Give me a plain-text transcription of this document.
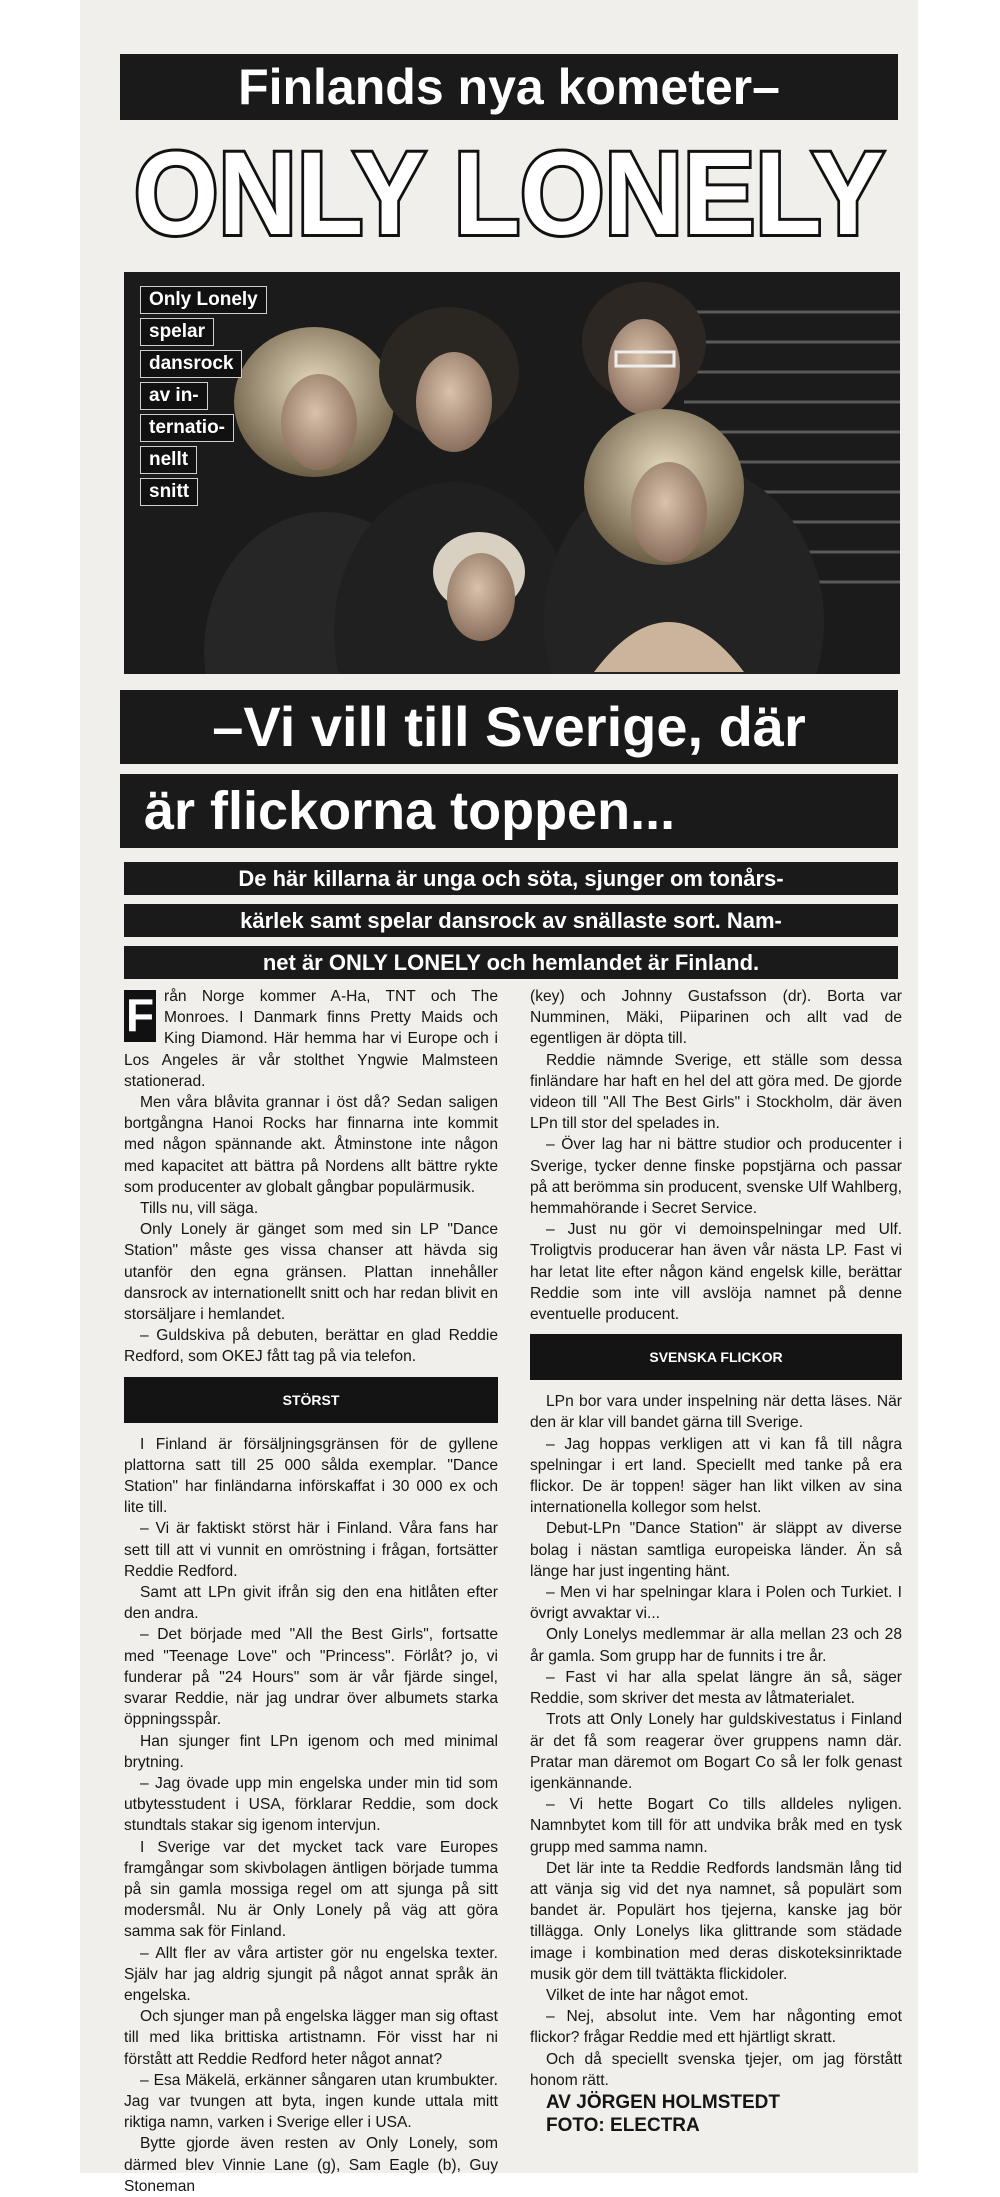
Finlands nya kometer–
ONLY LONELY
Only Lonely
spelar
dansrock
av in-
ternatio-
nellt
snitt
–Vi vill till Sverige, där
är flickorna toppen...
De här killarna är unga och söta, sjunger om tonårs-
kärlek samt spelar dansrock av snällaste sort. Nam-
net är ONLY LONELY och hemlandet är Finland.

F rån Norge kommer A-Ha, TNT och The Monroes. I Danmark finns Pretty Maids och King Diamond. Här hemma har vi Europe och i Los Angeles är vår stolthet Yngwie Malmsteen stationerad.

Men våra blåvita grannar i öst då? Sedan saligen bortgångna Hanoi Rocks har finnarna inte kommit med någon spännande akt. Åtminstone inte någon med kapacitet att bättra på Nordens allt bättre rykte som producenter av globalt gångbar populärmusik.

Tills nu, vill säga.

Only Lonely är gänget som med sin LP "Dance Station" måste ges vissa chanser att hävda sig utanför den egna gränsen. Plattan innehåller dansrock av internationellt snitt och har redan blivit en storsäljare i hemlandet.

– Guldskiva på debuten, berättar en glad Reddie Redford, som OKEJ fått tag på via telefon.

STÖRST

I Finland är försäljningsgränsen för de gyllene plattorna satt till 25 000 sålda exemplar. "Dance Station" har finländarna införskaffat i 30 000 ex och lite till.

– Vi är faktiskt störst här i Finland. Våra fans har sett till att vi vunnit en omröstning i frågan, fortsätter Reddie Redford.

Samt att LPn givit ifrån sig den ena hitlåten efter den andra.

– Det började med "All the Best Girls", fortsatte med "Teenage Love" och "Princess". Förlåt? jo, vi funderar på "24 Hours" som är vår fjärde singel, svarar Reddie, när jag undrar över albumets starka öppningsspår.

Han sjunger fint LPn igenom och med minimal brytning.

– Jag övade upp min engelska under min tid som utbytesstudent i USA, förklarar Reddie, som dock stundtals stakar sig igenom intervjun.

I Sverige var det mycket tack vare Europes framgångar som skivbolagen äntligen började tumma på sin gamla mossiga regel om att sjunga på sitt modersmål. Nu är Only Lonely på väg att göra samma sak för Finland.

– Allt fler av våra artister gör nu engelska texter. Själv har jag aldrig sjungit på något annat språk än engelska.

Och sjunger man på engelska lägger man sig oftast till med lika brittiska artistnamn. För visst har ni förstått att Reddie Redford heter något annat?

– Esa Mäkelä, erkänner sångaren utan krumbukter. Jag var tvungen att byta, ingen kunde uttala mitt riktiga namn, varken i Sverige eller i USA.

Bytte gjorde även resten av Only Lonely, som därmed blev Vinnie Lane (g), Sam Eagle (b), Guy Stoneman

(key) och Johnny Gustafsson (dr). Borta var Numminen, Mäki, Piiparinen och allt vad de egentligen är döpta till.

Reddie nämnde Sverige, ett ställe som dessa finländare har haft en hel del att göra med. De gjorde videon till "All The Best Girls" i Stockholm, där även LPn till stor del spelades in.

– Över lag har ni bättre studior och producenter i Sverige, tycker denne finske popstjärna och passar på att berömma sin producent, svenske Ulf Wahlberg, hemmahörande i Secret Service.

– Just nu gör vi demoinspelningar med Ulf. Troligtvis producerar han även vår nästa LP. Fast vi har letat lite efter någon känd engelsk kille, berättar Reddie som inte vill avslöja namnet på denne eventuelle producent.

SVENSKA FLICKOR

LPn bor vara under inspelning när detta läses. När den är klar vill bandet gärna till Sverige.

– Jag hoppas verkligen att vi kan få till några spelningar i ert land. Speciellt med tanke på era flickor. De är toppen! säger han likt vilken av sina internationella kollegor som helst.

Debut-LPn "Dance Station" är släppt av diverse bolag i nästan samtliga europeiska länder. Än så länge har just ingenting hänt.

– Men vi har spelningar klara i Polen och Turkiet. I övrigt avvaktar vi...

Only Lonelys medlemmar är alla mellan 23 och 28 år gamla. Som grupp har de funnits i tre år.

– Fast vi har alla spelat längre än så, säger Reddie, som skriver det mesta av låtmaterialet.

Trots att Only Lonely har guldskivestatus i Finland är det få som reagerar över gruppens namn där. Pratar man däremot om Bogart Co så ler folk genast igenkännande.

– Vi hette Bogart Co tills alldeles nyligen. Namnbytet kom till för att undvika bråk med en tysk grupp med samma namn.

Det lär inte ta Reddie Redfords landsmän lång tid att vänja sig vid det nya namnet, så populärt som bandet är. Populärt hos tjejerna, kanske jag bör tillägga. Only Lonelys lika glittrande som städade image i kombination med deras diskoteksinriktade musik gör dem till tvättäkta flickidoler.

Vilket de inte har något emot.

– Nej, absolut inte. Vem har någonting emot flickor? frågar Reddie med ett hjärtligt skratt.

Och då speciellt svenska tjejer, om jag förstått honom rätt.

AV JÖRGEN HOLMSTEDT

FOTO: ELECTRA
